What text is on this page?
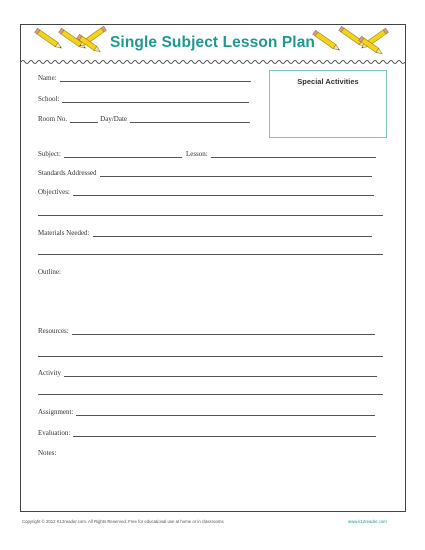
Single Subject Lesson Plan
Special Activities
Name:
School:
Room No.	Day/Date
Subject:	Lesson:
Standards Addressed
Objectives:
Materials Needed:
Outline:
Resources:
Activity
Assignment:
Evaluation:
Notes:
Copyright © 2012 K12reader.com. All Rights Reserved. Free for educational use at home or in classrooms	www.k12reader.com
